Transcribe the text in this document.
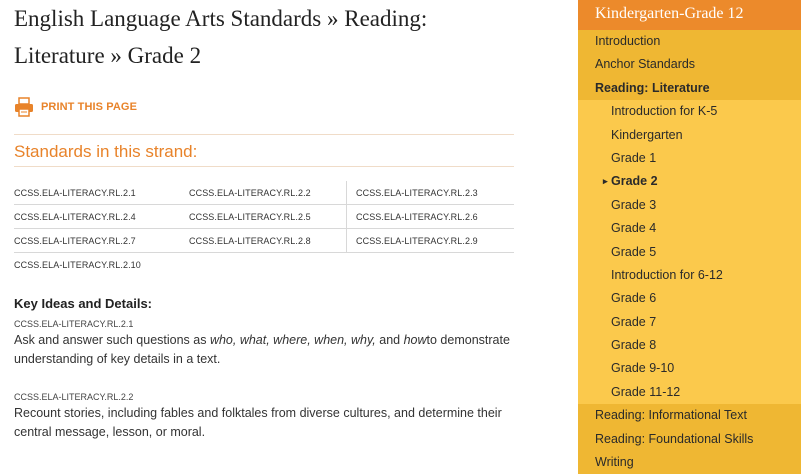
English Language Arts Standards » Reading: Literature » Grade 2
PRINT THIS PAGE
Standards in this strand:
CCSS.ELA-LITERACY.RL.2.1	CCSS.ELA-LITERACY.RL.2.2	CCSS.ELA-LITERACY.RL.2.3
CCSS.ELA-LITERACY.RL.2.4	CCSS.ELA-LITERACY.RL.2.5	CCSS.ELA-LITERACY.RL.2.6
CCSS.ELA-LITERACY.RL.2.7	CCSS.ELA-LITERACY.RL.2.8	CCSS.ELA-LITERACY.RL.2.9
CCSS.ELA-LITERACY.RL.2.10
Key Ideas and Details:
CCSS.ELA-LITERACY.RL.2.1
Ask and answer such questions as who, what, where, when, why, and howto demonstrate understanding of key details in a text.
CCSS.ELA-LITERACY.RL.2.2
Recount stories, including fables and folktales from diverse cultures, and determine their central message, lesson, or moral.
Kindergarten-Grade 12
Introduction
Anchor Standards
Reading: Literature
Introduction for K-5
Kindergarten
Grade 1
▸ Grade 2
Grade 3
Grade 4
Grade 5
Introduction for 6-12
Grade 6
Grade 7
Grade 8
Grade 9-10
Grade 11-12
Reading: Informational Text
Reading: Foundational Skills
Writing
